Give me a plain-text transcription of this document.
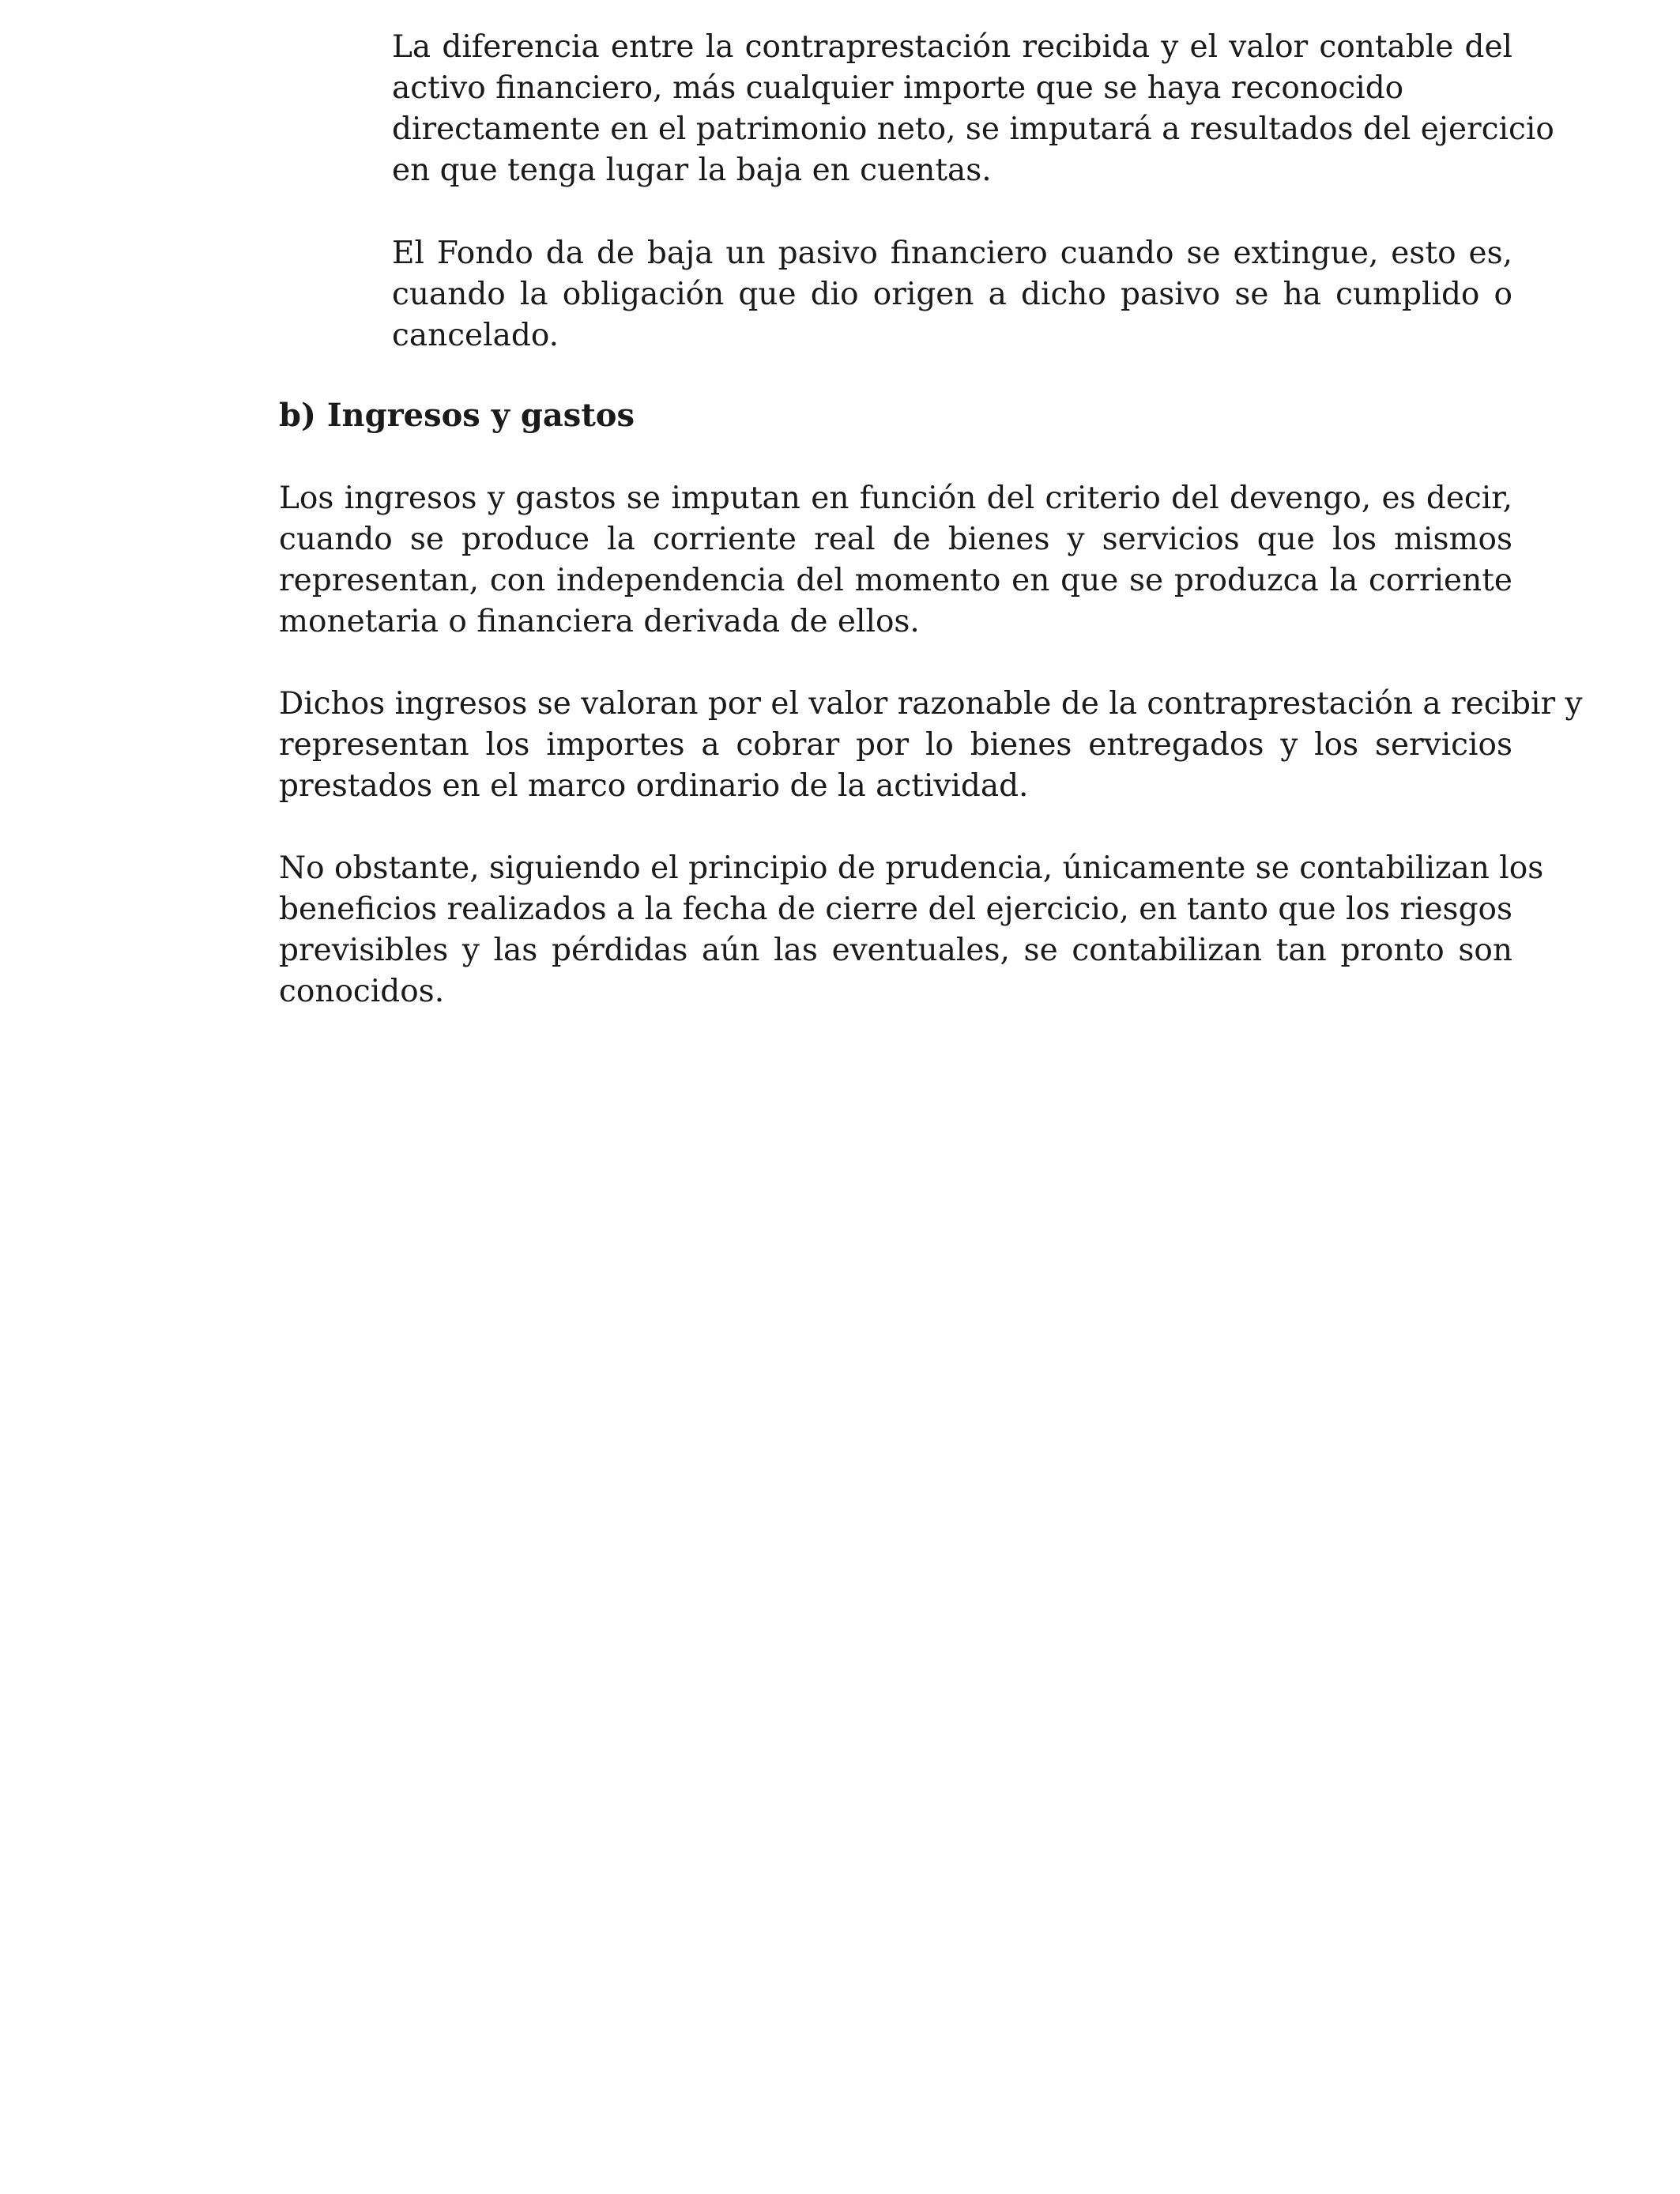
La diferencia entre la contraprestación recibida y el valor contable del
activo financiero, más cualquier importe que se haya reconocido
directamente en el patrimonio neto, se imputará a resultados del ejercicio
en que tenga lugar la baja en cuentas.
El Fondo da de baja un pasivo financiero cuando se extingue, esto es,
cuando la obligación que dio origen a dicho pasivo se ha cumplido o
cancelado.
b) Ingresos y gastos
Los ingresos y gastos se imputan en función del criterio del devengo, es decir,
cuando se produce la corriente real de bienes y servicios que los mismos
representan, con independencia del momento en que se produzca la corriente
monetaria o financiera derivada de ellos.
Dichos ingresos se valoran por el valor razonable de la contraprestación a recibir y
representan los importes a cobrar por lo bienes entregados y los servicios
prestados en el marco ordinario de la actividad.
No obstante, siguiendo el principio de prudencia, únicamente se contabilizan los
beneficios realizados a la fecha de cierre del ejercicio, en tanto que los riesgos
previsibles y las pérdidas aún las eventuales, se contabilizan tan pronto son
conocidos.
